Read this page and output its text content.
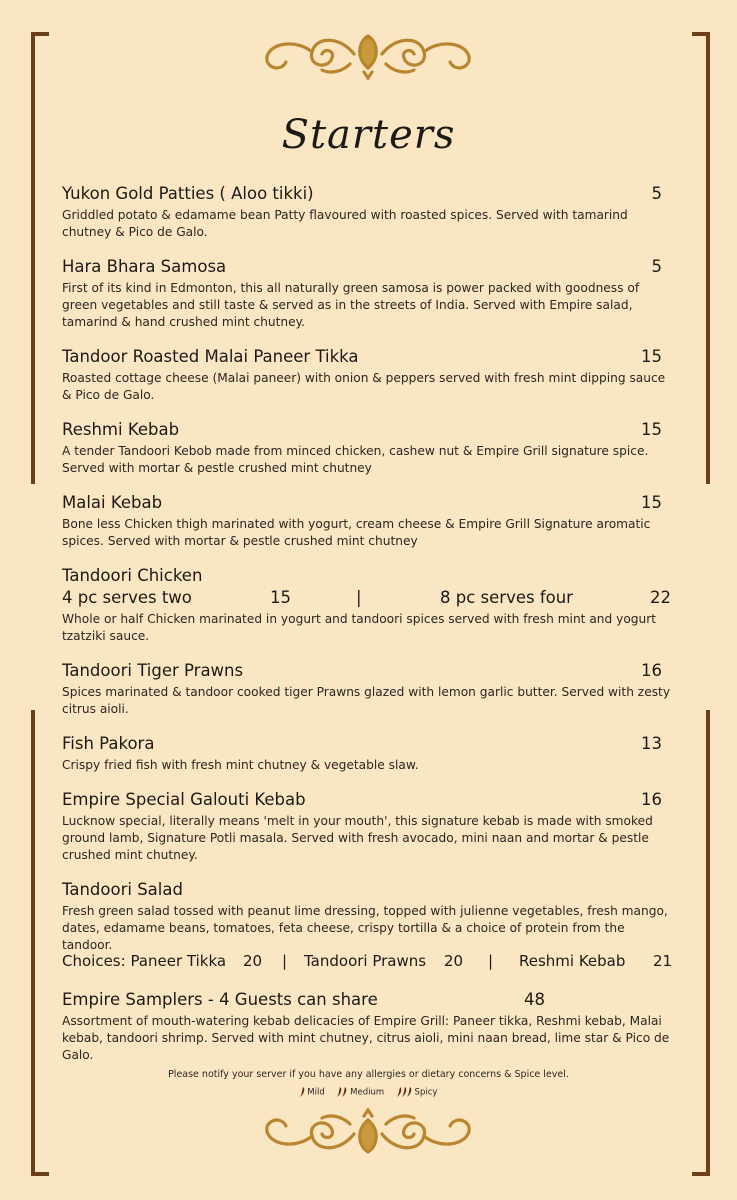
Starters
Yukon Gold Patties ( Aloo tikki)	5
Griddled potato & edamame bean Patty flavoured with roasted spices. Served with tamarind chutney & Pico de Galo.
Hara Bhara Samosa	5
First of its kind in Edmonton, this all naturally green samosa is power packed with goodness of green vegetables and still taste & served as in the streets of India. Served with Empire salad, tamarind & hand crushed mint chutney.
Tandoor Roasted Malai Paneer Tikka	15
Roasted cottage cheese (Malai paneer) with onion & peppers served with fresh mint dipping sauce & Pico de Galo.
Reshmi Kebab	15
A tender Tandoori Kebob made from minced chicken, cashew nut & Empire Grill signature spice. Served with mortar & pestle crushed mint chutney
Malai Kebab	15
Bone less Chicken thigh marinated with yogurt, cream cheese & Empire Grill Signature aromatic spices. Served with mortar & pestle crushed mint chutney
Tandoori Chicken
4 pc serves two	15	|	8 pc serves four	22
Whole or half Chicken marinated in yogurt and tandoori spices served with fresh mint and yogurt tzatziki sauce.
Tandoori Tiger Prawns	16
Spices marinated & tandoor cooked tiger Prawns glazed with lemon garlic butter. Served with zesty citrus aioli.
Fish Pakora	13
Crispy fried fish with fresh mint chutney & vegetable slaw.
Empire Special Galouti Kebab	16
Lucknow special, literally means 'melt in your mouth', this signature kebab is made with smoked ground lamb, Signature Potli masala. Served with fresh avocado, mini naan and mortar & pestle crushed mint chutney.
Tandoori Salad
Fresh green salad tossed with peanut lime dressing, topped with julienne vegetables, fresh mango, dates, edamame beans, tomatoes, feta cheese, crispy tortilla & a choice of protein from the tandoor.
Choices: Paneer Tikka 20 | Tandoori Prawns 20 | Reshmi Kebab 21
Empire Samplers - 4 Guests can share	48
Assortment of mouth-watering kebab delicacies of Empire Grill: Paneer tikka, Reshmi kebab, Malai kebab, tandoori shrimp. Served with mint chutney, citrus aioli, mini naan bread, lime star & Pico de Galo.
Please notify your server if you have any allergies or dietary concerns & Spice level.
Mild	Medium	Spicy
